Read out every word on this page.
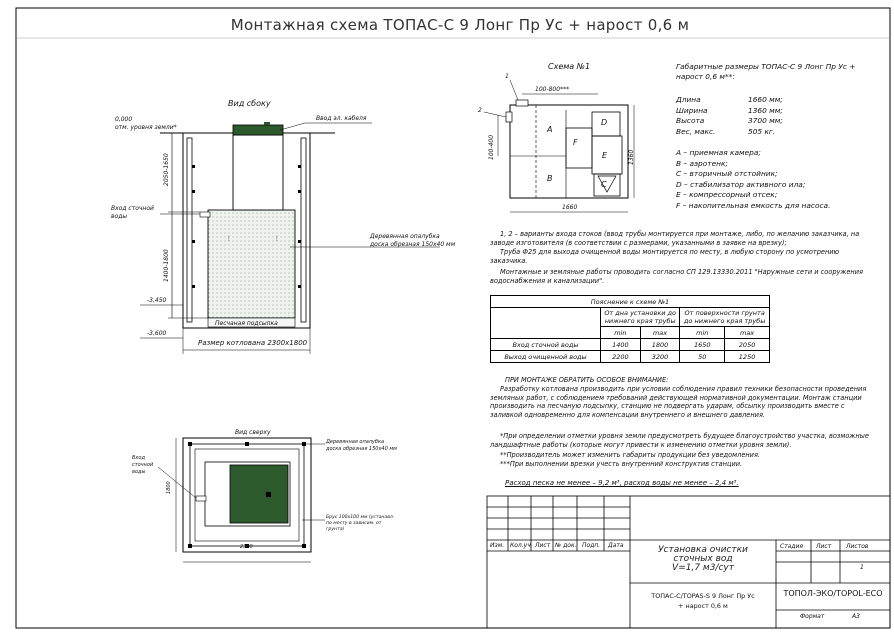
Монтажная схема ТОПАС-С 9 Лонг Пр Ус + нарост 0,6 м
⋮	⋮
Вид сбоку
0,000
отм. уровня земли*
Ввод эл. кабеля
Вход сточной воды
Деревянная опалубка
доска обрезная 150х40 мм
2050-1650
1400-1800
-3,450
-3,600
Песчаная подсыпка
Размер котлована 2300х1800
Вид сверху
Вход сточной воды
Деревянная опалубка
доска обрезная 150х40 мм
Брус 100х100 мм (устанавл. по месту в зависим. от грунта)
2300
1800
Схема №1
1
2
100-800***
100-400
1660
1360
A
B
C
D
E
F
Габаритные размеры ТОПАС-С 9 Лонг Пр Ус + нарост 0,6 м**:
Длина	1660 мм;
Ширина	1360 мм;
Высота	3700 мм;
Вес, макс.	505 кг.
А – приемная камера;
В – аэротенк;
С – вторичный отстойник;
D – стабилизатор активного ила;
Е – компрессорный отсек;
F – накопительная емкость для насоса.
1, 2 – варианты входа стоков (ввод трубы монтируется при монтаже, либо, по желанию заказчика, на заводе изготовителя (в соответствии с размерами, указанными в заявке на врезку);
Труба Ф25 для выхода очищенной воды монтируется по месту, в любую сторону по усмотрению заказчика.
Монтажные и земляные работы проводить согласно СП 129.13330.2011 "Наружные сети и сооружения водоснабжения и канализации".
Пояснение к схеме №1				
	От дна установки до нижнего края трубы		От поверхности грунта до нижнего края трубы	
	min	max	min	max
Вход сточной воды	1400	1800	1650	2050
Выход очищенной воды	2200	3200	50	1250
ПРИ МОНТАЖЕ ОБРАТИТЬ ОСОБОЕ ВНИМАНИЕ:
Разработку котлована производить при условии соблюдения правил техники безопасности проведения земляных работ, с соблюдением требований действующей нормативной документации. Монтаж станции производить на песчаную подсыпку, станцию не подвергать ударам, обсыпку производить вместе с заливкой одновременно для компенсации внутреннего и внешнего давления.
*При определении отметки уровня земли предусмотреть будущее благоустройство участка, возможные ландшафтные работы (которые могут привести к изменению отметки уровня земли).
**Производитель может изменить габариты продукции без уведомления.
***При выполнении врезки учесть внутренний конструктив станции.
Расход песка не менее – 9,2 м³, расход воды не менее – 2,4 м³.
Изм. Кол.уч Лист № док. Подп. Дата	Установка очистки
сточных вод
V=1,7 м3/сут
Стадия Лист Листов
1
ТОПАС-С/TOPAS-S 9 Лонг Пр Ус
+ нарост 0,6 м
ТОПОЛ-ЭКО/TOPOL-ECO
Формат	А3
